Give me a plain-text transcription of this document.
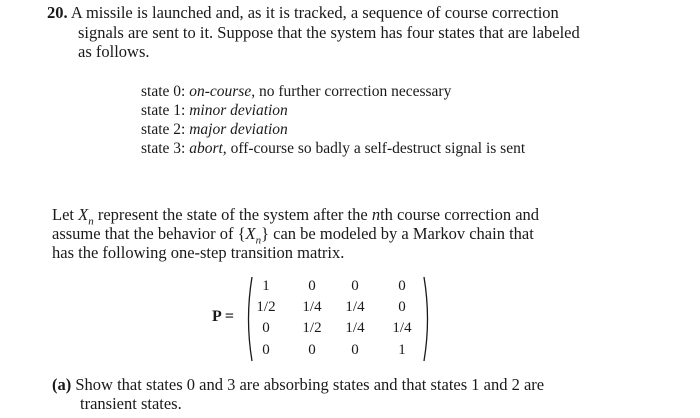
20. A missile is launched and, as it is tracked, a sequence of course correction
signals are sent to it. Suppose that the system has four states that are labeled
as follows.
state 0: on-course, no further correction necessary
state 1: minor deviation
state 2: major deviation
state 3: abort, off-course so badly a self-destruct signal is sent
Let $X_n$ represent the state of the system after the nth course correction and
assume that the behavior of $\{X_n\}$ can be modeled by a Markov chain that
has the following one-step transition matrix.
P =
1	0	0	0
1/2	1/4	1/4	0
0	1/2	1/4	1/4
0	0	0	1
(a) Show that states 0 and 3 are absorbing states and that states 1 and 2 are
transient states.
